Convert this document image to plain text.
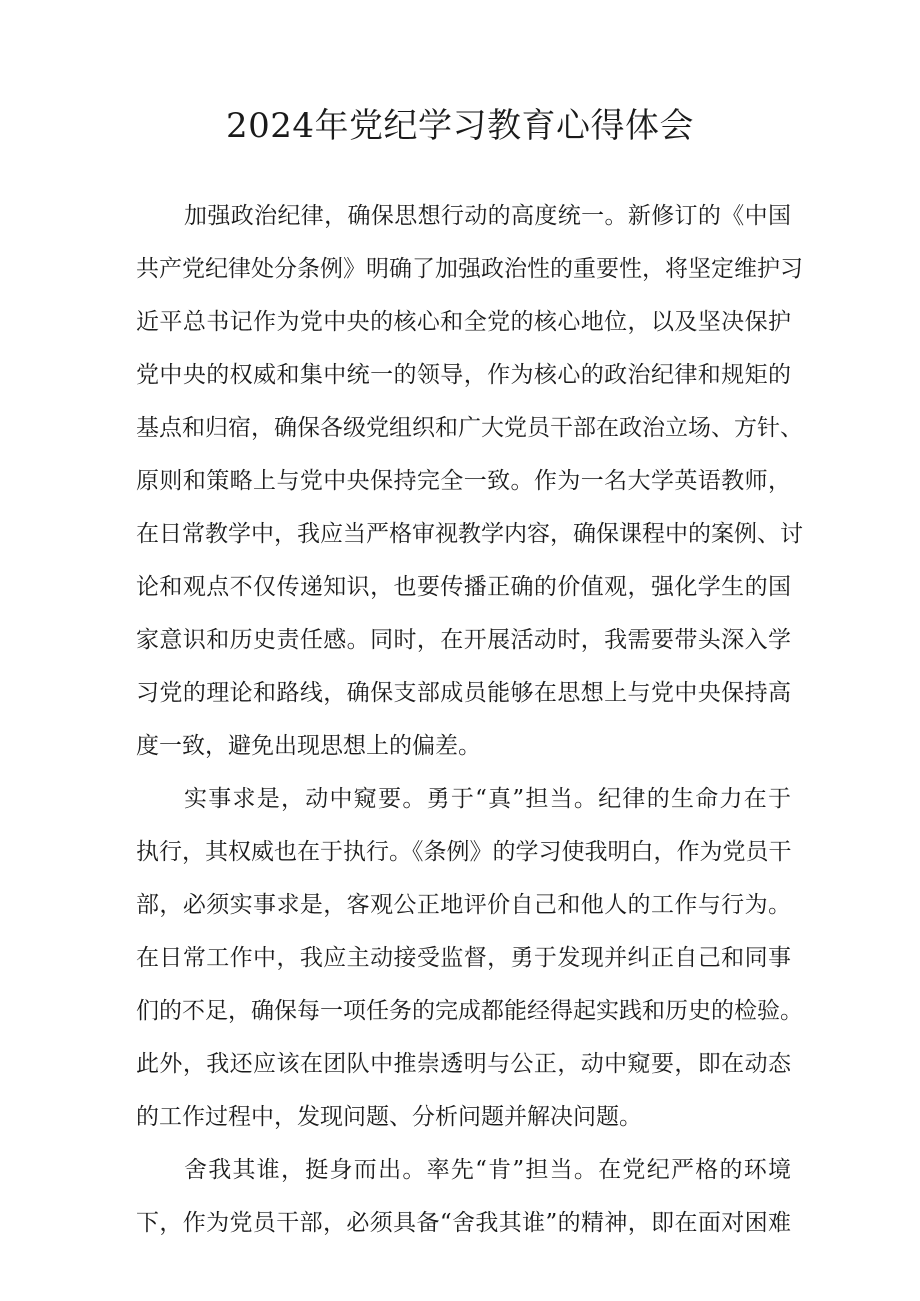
2024年党纪学习教育心得体会

加强政治纪律，确保思想行动的高度统一。新修订的《中国

共产党纪律处分条例》明确了加强政治性的重要性，将坚定维护习

近平总书记作为党中央的核心和全党的核心地位，以及坚决保护

党中央的权威和集中统一的领导，作为核心的政治纪律和规矩的

基点和归宿，确保各级党组织和广大党员干部在政治立场、方针、

原则和策略上与党中央保持完全一致。作为一名大学英语教师，

在日常教学中，我应当严格审视教学内容，确保课程中的案例、讨

论和观点不仅传递知识，也要传播正确的价值观，强化学生的国

家意识和历史责任感。同时，在开展活动时，我需要带头深入学

习党的理论和路线，确保支部成员能够在思想上与党中央保持高

度一致，避免出现思想上的偏差。

实事求是，动中窥要。勇于“真”担当。纪律的生命力在于

执行，其权威也在于执行。《条例》的学习使我明白，作为党员干

部，必须实事求是，客观公正地评价自己和他人的工作与行为。

在日常工作中，我应主动接受监督，勇于发现并纠正自己和同事

们的不足，确保每一项任务的完成都能经得起实践和历史的检验。

此外，我还应该在团队中推崇透明与公正，动中窥要，即在动态

的工作过程中，发现问题、分析问题并解决问题。

舍我其谁，挺身而出。率先“肯”担当。在党纪严格的环境

下，作为党员干部，必须具备“舍我其谁”的精神，即在面对困难
